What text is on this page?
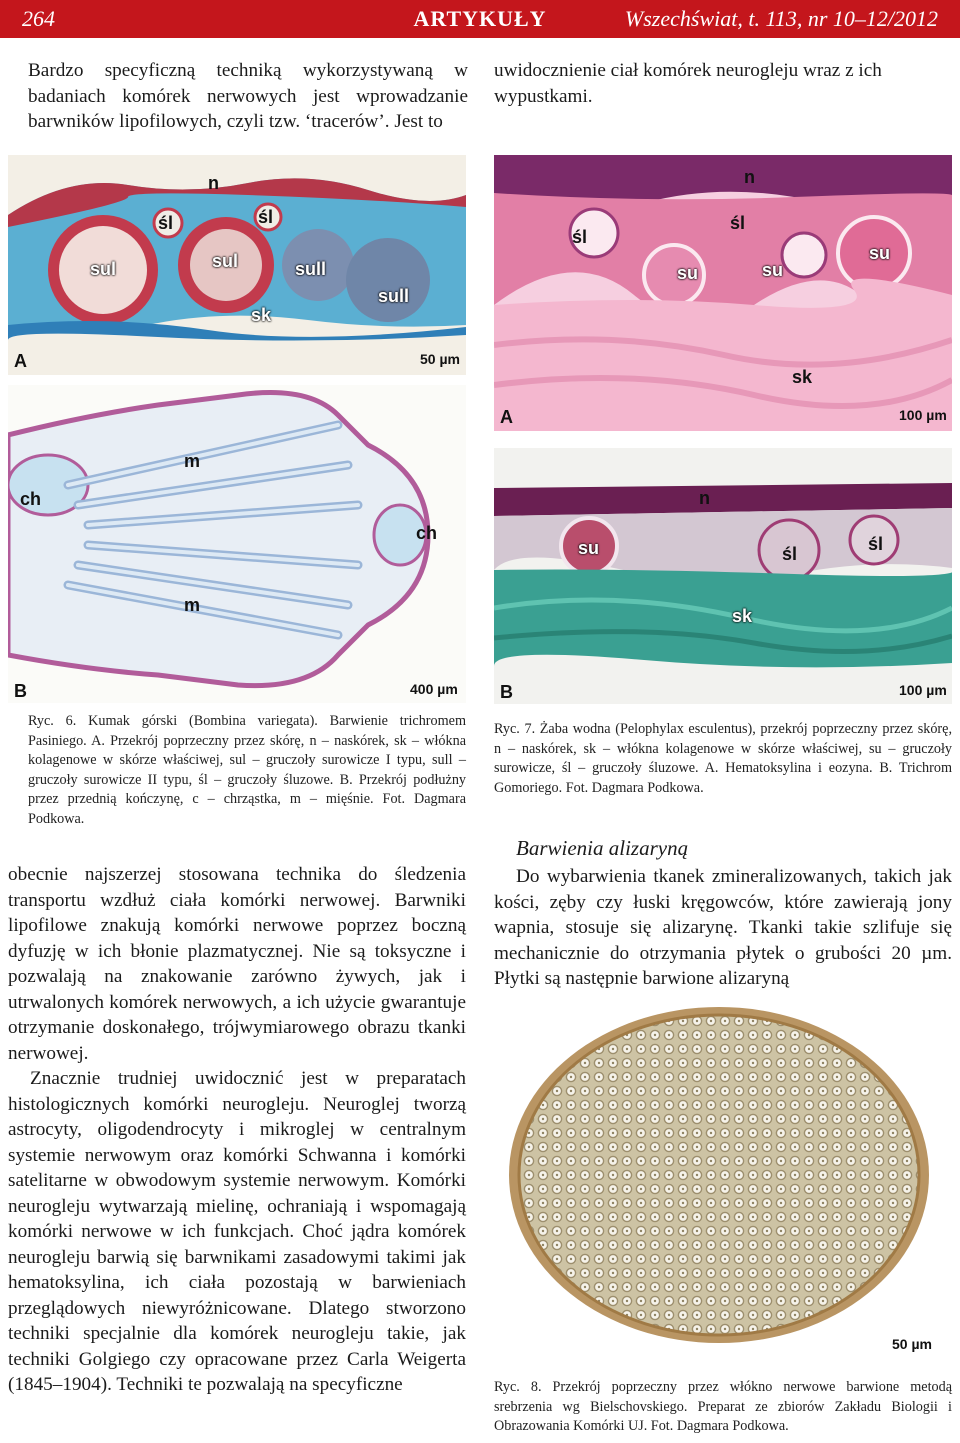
264	ARTYKUŁY	Wszechświat, t. 113, nr 10–12/2012

Bardzo specyficzną techniką wykorzystywaną w badaniach komórek nerwowych jest wprowadzanie barwników lipofilowych, czyli tzw. ‘tracerów’. Jest to

uwidocznienie ciał komórek neurogleju wraz z ich wypustkami.

n
śl	śl
sul	sul	sull
sull
sk
A	50 µm
n
śl
śl
su	su
su
sk
A	100 µm
m
m
ch
ch
B	400 µm
n
su	śl	śl
sk
B	100 µm
Ryc. 6. Kumak górski (Bombina variegata). Barwienie trichromem Pasiniego. A. Przekrój poprzeczny przez skórę, n – naskórek, sk – włókna kolagenowe w skórze właściwej, sul – gruczoły surowicze I typu, sull – gruczoły surowicze II typu, śl – gruczoły śluzowe. B. Przekrój podłużny przez przednią kończynę, c – chrząstka, m – mięśnie. Fot. Dagmara Podkowa.
Ryc. 7. Żaba wodna (Pelophylax esculentus), przekrój poprzeczny przez skórę, n – naskórek, sk – włókna kolagenowe w skórze właściwej, su – gruczoły surowicze, śl – gruczoły śluzowe. A. Hematoksylina i eozyna. B. Trichrom Gomoriego. Fot. Dagmara Podkowa.

obecnie najszerzej stosowana technika do śledzenia transportu wzdłuż ciała komórki nerwowej. Barwniki lipofilowe znakują komórki nerwowe poprzez boczną dyfuzję w ich błonie plazmatycznej. Nie są toksyczne i pozwalają na znakowanie zarówno żywych, jak i utrwalonych komórek nerwowych, a ich użycie gwarantuje otrzymanie doskonałego, trójwymiarowego obrazu tkanki nerwowej.

Znacznie trudniej uwidocznić jest w preparatach histologicznych komórki neurogleju. Neuroglej tworzą astrocyty, oligodendrocyty i mikroglej w centralnym systemie nerwowym oraz komórki Schwanna i komórki satelitarne w obwodowym systemie nerwowym. Komórki neurogleju wytwarzają mielinę, ochraniają i wspomagają komórki nerwowe w ich funkcjach. Choć jądra komórek neurogleju barwią się barwnikami zasadowymi takimi jak hematoksylina, ich ciała pozostają w barwieniach przeglądowych niewyróżnicowane. Dlatego stworzono techniki specjalnie dla komórek neurogleju takie, jak techniki Golgiego czy opracowane przez Carla Weigerta (1845–1904). Techniki te pozwalają na specyficzne

Barwienia alizaryną

Do wybarwienia tkanek zmineralizowanych, takich jak kości, zęby czy łuski kręgowców, które zawierają jony wapnia, stosuje się alizarynę. Tkanki takie szlifuje się mechanicznie do otrzymania płytek o grubości 20 µm. Płytki są następnie barwione alizaryną

50 µm
Ryc. 8. Przekrój poprzeczny przez włókno nerwowe barwione metodą srebrzenia wg Bielschovskiego. Preparat ze zbiorów Zakładu Biologii i Obrazowania Komórki UJ. Fot. Dagmara Podkowa.
